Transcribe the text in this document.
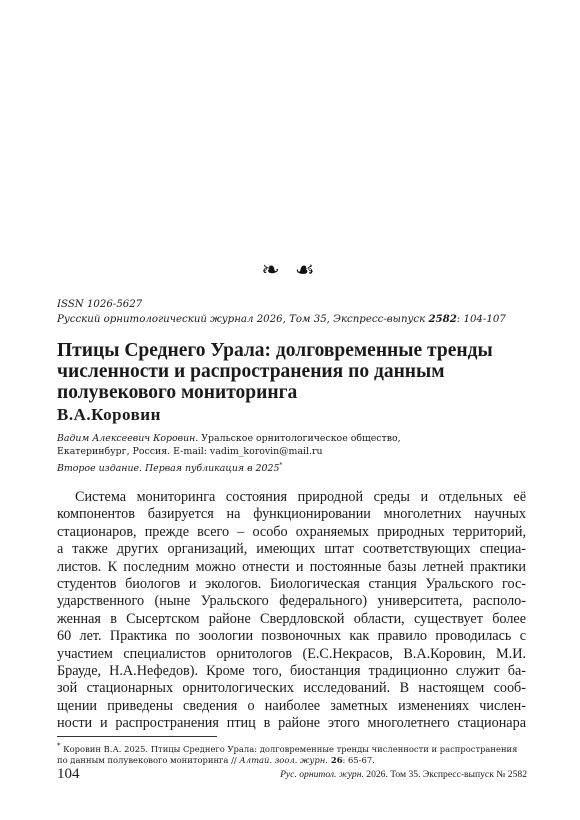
❧ ☙
ISSN 1026-5627
Русский орнитологический журнал 2026, Том 35, Экспресс-выпуск 2582: 104-107
Птицы Среднего Урала: долговременные тренды численности и распространения по данным полувекового мониторинга
В.А.Коровин
Вадим Алексеевич Коровин. Уральское орнитологическое общество,
Екатеринбург, Россия. E-mail: vadim_korovin@mail.ru
Второе издание. Первая публикация в 2025*
Система мониторинга состояния природной среды и отдельных её
компонентов базируется на функционировании многолетних научных
стационаров, прежде всего – особо охраняемых природных территорий,
а также других организаций, имеющих штат соответствующих специа-
листов. К последним можно отнести и постоянные базы летней практики
студентов биологов и экологов. Биологическая станция Уральского гос-
ударственного (ныне Уральского федерального) университета, располо-
женная в Сысертском районе Свердловской области, существует более
60 лет. Практика по зоологии позвоночных как правило проводилась с
участием специалистов орнитологов (Е.С.Некрасов, В.А.Коровин, М.И.
Брауде, Н.А.Нефедов). Кроме того, биостанция традиционно служит ба-
зой стационарных орнитологических исследований. В настоящем сооб-
щении приведены сведения о наиболее заметных изменениях числен-
ности и распространения птиц в районе этого многолетнего стационара
* Коровин В.А. 2025. Птицы Среднего Урала: долговременные тренды численности и распространения
по данным полувекового мониторинга // Алтай. зоол. журн. 26: 65-67.
104	Рус. орнитол. журн. 2026. Том 35. Экспресс-выпуск № 2582
